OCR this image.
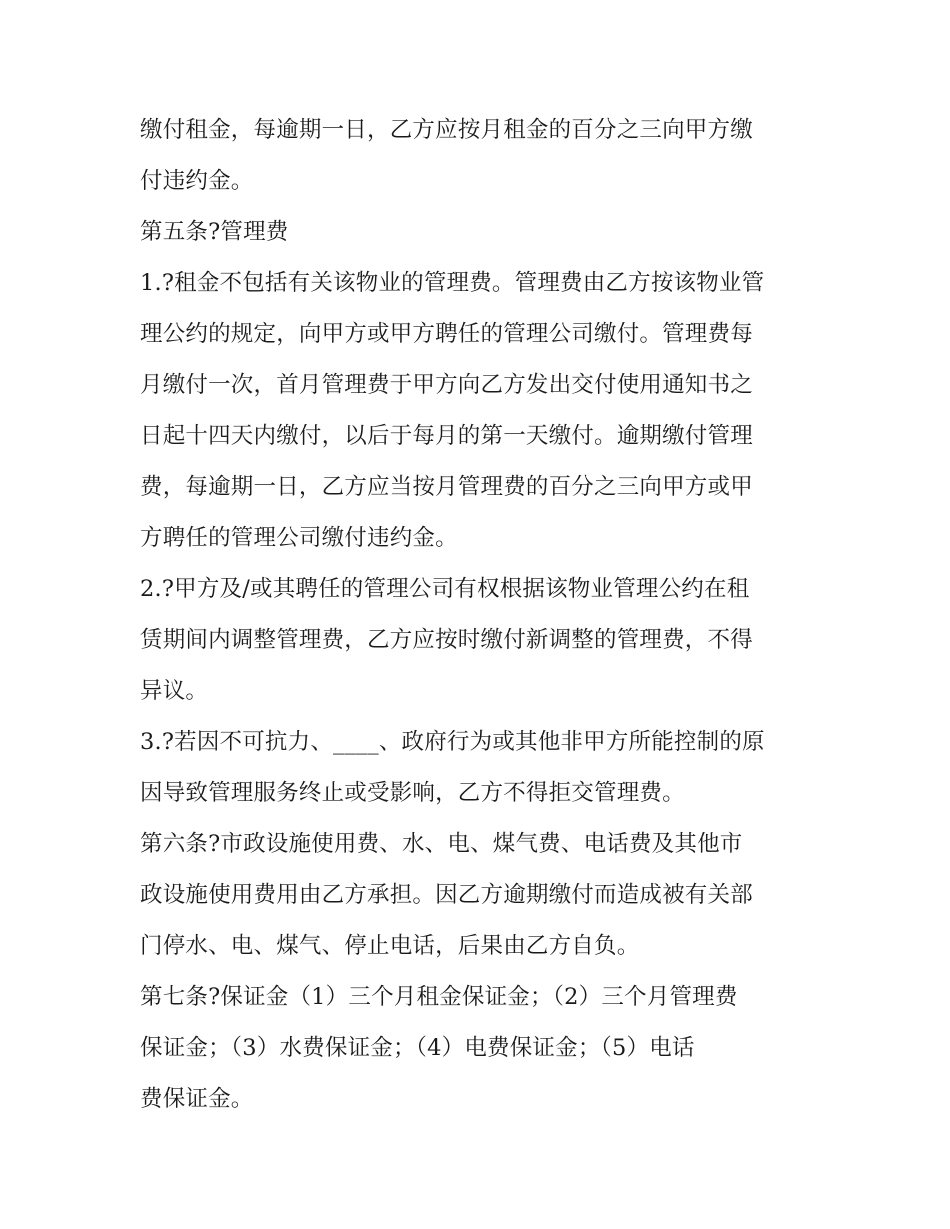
缴付租金，每逾期一日，乙方应按月租金的百分之三向甲方缴
付违约金。
第五条?管理费
1.?租金不包括有关该物业的管理费。管理费由乙方按该物业管
理公约的规定，向甲方或甲方聘任的管理公司缴付。管理费每
月缴付一次，首月管理费于甲方向乙方发出交付使用通知书之
日起十四天内缴付，以后于每月的第一天缴付。逾期缴付管理
费，每逾期一日，乙方应当按月管理费的百分之三向甲方或甲
方聘任的管理公司缴付违约金。
2.?甲方及/或其聘任的管理公司有权根据该物业管理公约在租
赁期间内调整管理费，乙方应按时缴付新调整的管理费，不得
异议。
3.?若因不可抗力、____、政府行为或其他非甲方所能控制的原
因导致管理服务终止或受影响，乙方不得拒交管理费。
第六条?市政设施使用费、水、电、煤气费、电话费及其他市
政设施使用费用由乙方承担。因乙方逾期缴付而造成被有关部
门停水、电、煤气、停止电话，后果由乙方自负。
第七条?保证金（1）三个月租金保证金；（2）三个月管理费
保证金；（3）水费保证金；（4）电费保证金；（5）电话
费保证金。
